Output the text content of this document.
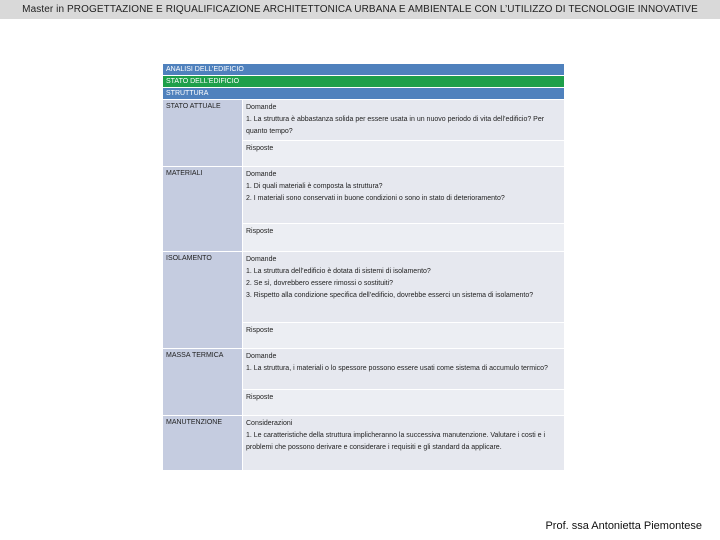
Master in PROGETTAZIONE E RIQUALIFICAZIONE ARCHITETTONICA URBANA E AMBIENTALE CON L’UTILIZZO DI TECNOLOGIE INNOVATIVE
ANALISI DELL’EDIFICIO
STATO DELL’EDIFICIO
STRUTTURA
STATO ATTUALE	Domande
1. La struttura è abbastanza solida per essere usata in un nuovo periodo di vita dell’edificio? Per quanto tempo?
Risposte
MATERIALI	Domande
1. Di quali materiali è composta la struttura?
2. I materiali sono conservati in buone condizioni o sono in stato di deterioramento?
Risposte
ISOLAMENTO	Domande
1. La struttura dell’edificio è dotata di sistemi di isolamento?
2. Se sì, dovrebbero essere rimossi o sostituiti?
3. Rispetto alla condizione specifica dell’edificio, dovrebbe esserci un sistema di isolamento?
Risposte
MASSA TERMICA	Domande
1. La struttura, i materiali o lo spessore possono essere usati come sistema di accumulo termico?
Risposte
MANUTENZIONE	Considerazioni
1. Le caratteristiche della struttura implicheranno la successiva manutenzione. Valutare i costi e i problemi che possono derivare e considerare i requisiti e gli standard da applicare.
Prof. ssa Antonietta Piemontese
